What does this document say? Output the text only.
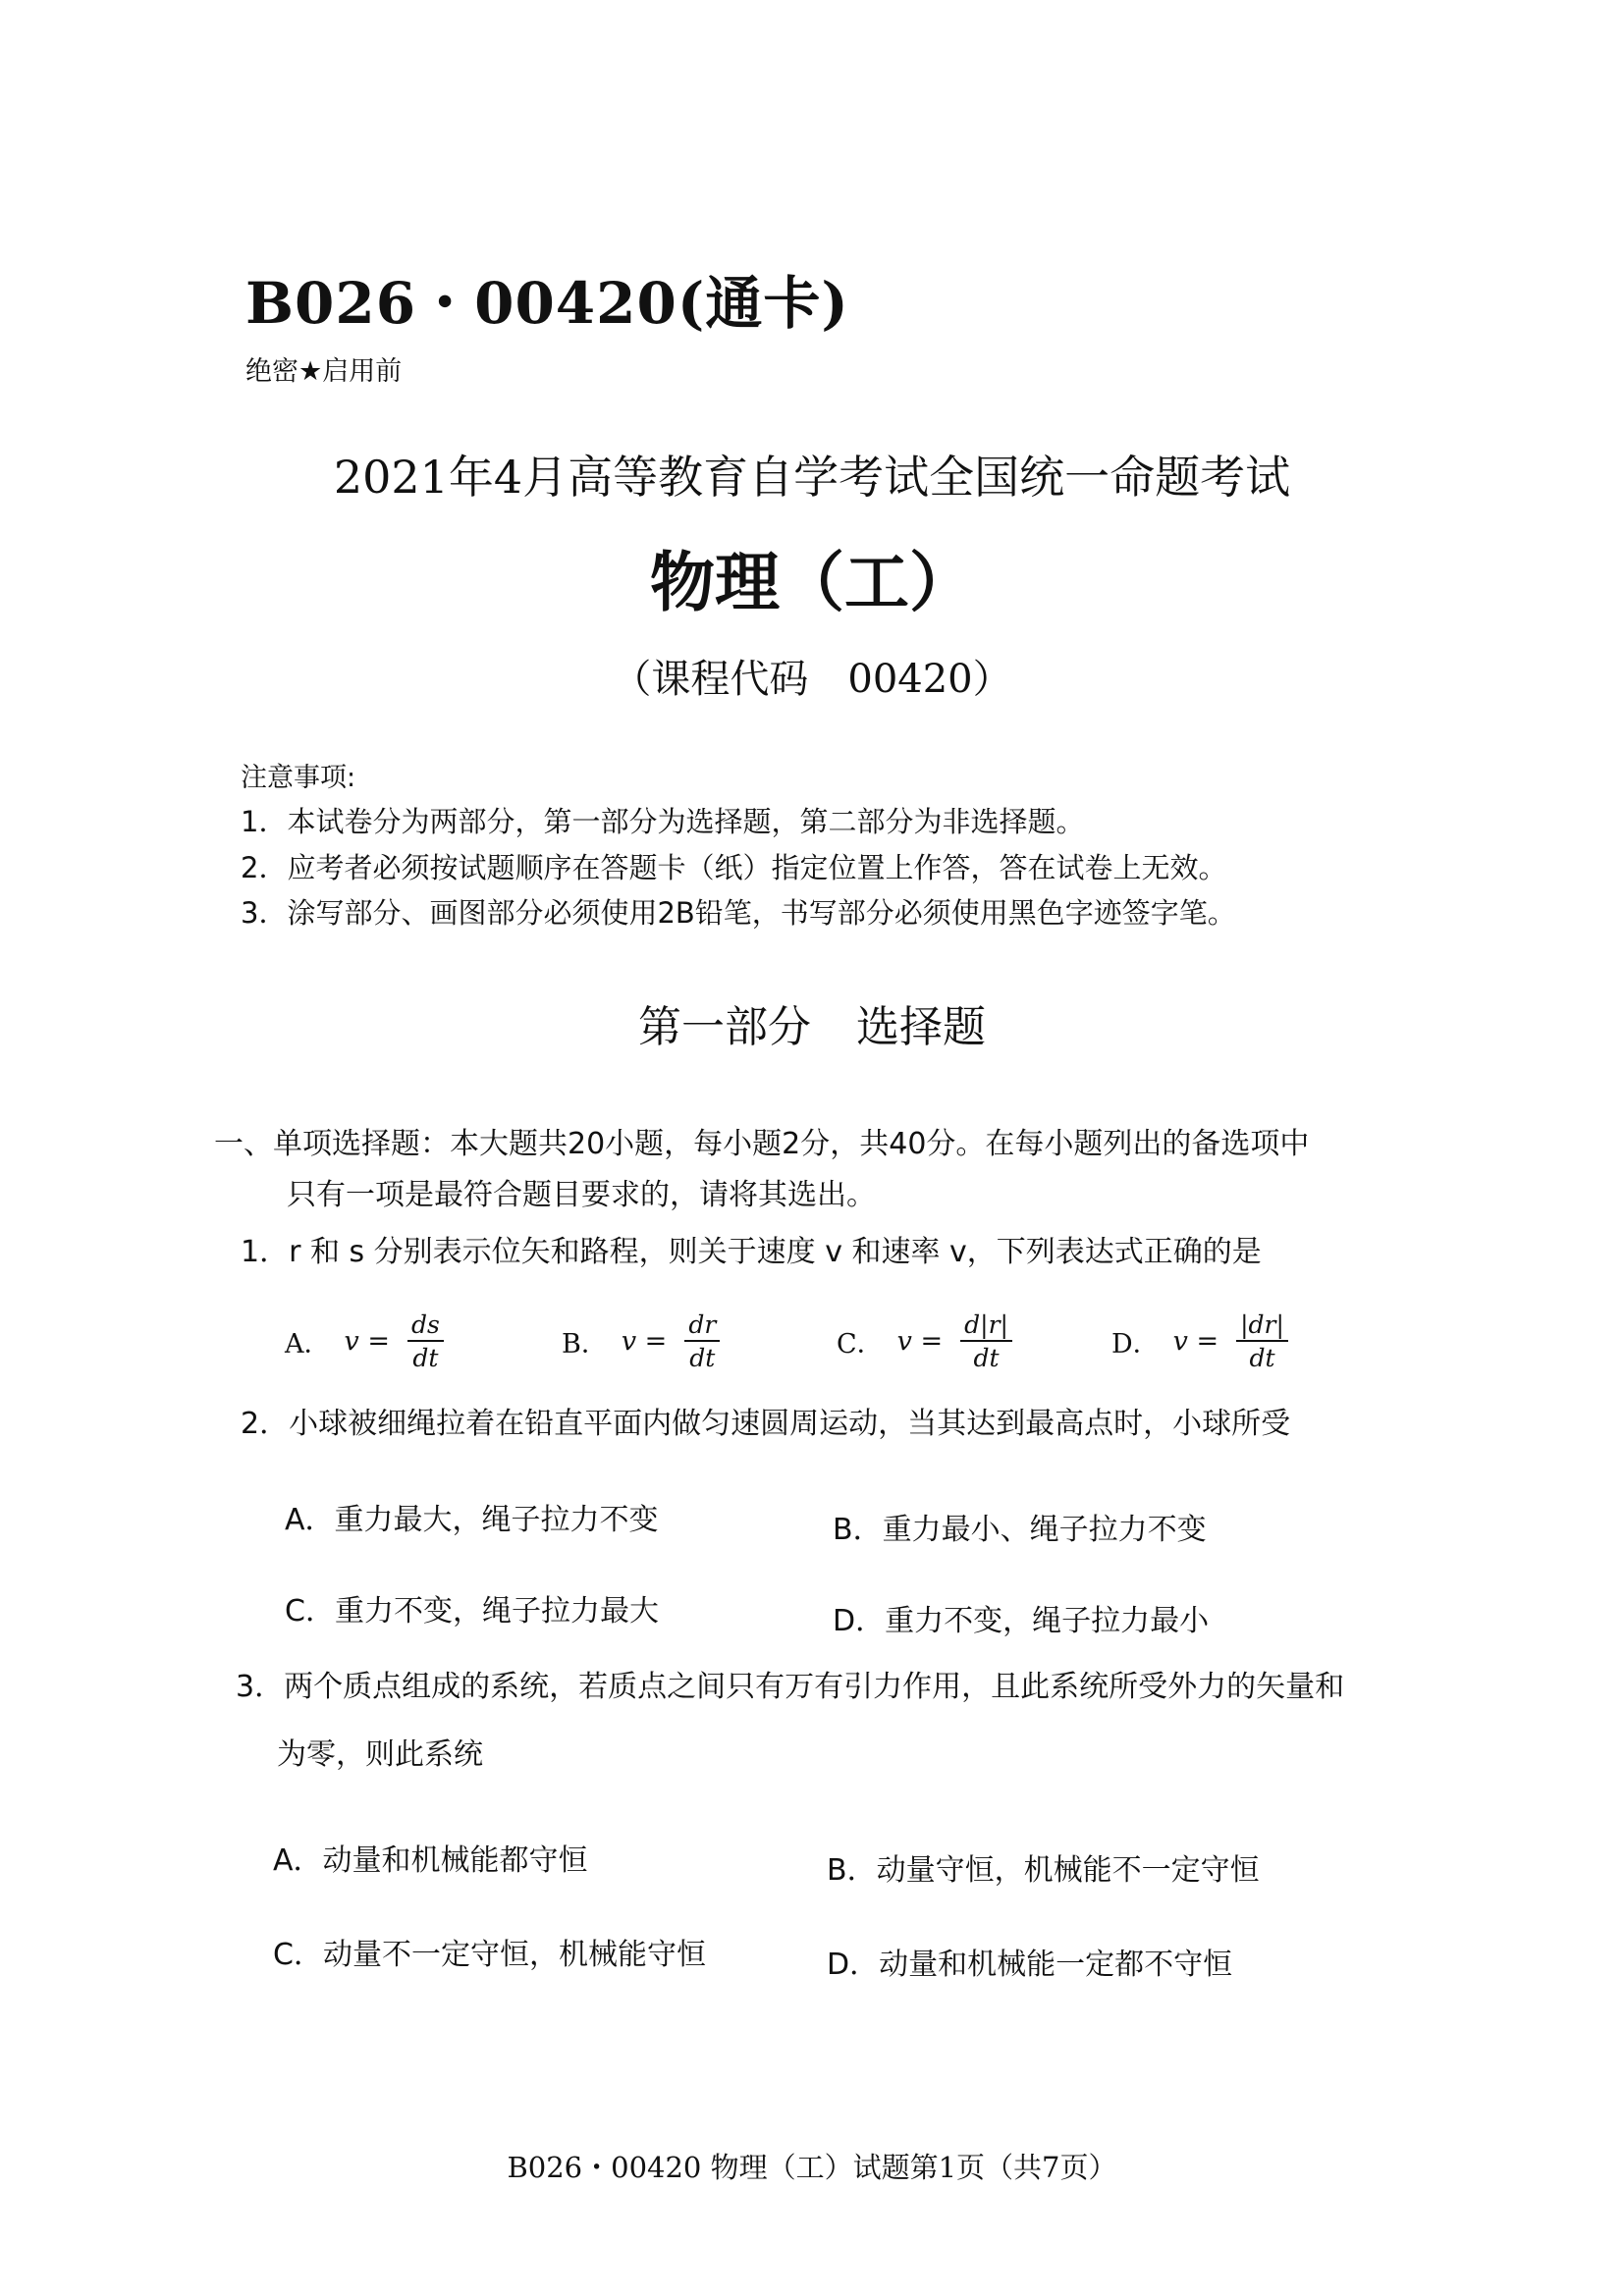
B026・00420(通卡)
绝密★启用前
2021年4月高等教育自学考试全国统一命题考试
物理（工）
（课程代码　00420）
注意事项:
1．本试卷分为两部分，第一部分为选择题，第二部分为非选择题。
2．应考者必须按试题顺序在答题卡（纸）指定位置上作答，答在试卷上无效。
3．涂写部分、画图部分必须使用2B铅笔，书写部分必须使用黑色字迹签字笔。
第一部分 选择题
一、单项选择题：本大题共20小题，每小题2分，共40分。在每小题列出的备选项中
只有一项是最符合题目要求的，请将其选出。
1．r 和 s 分别表示位矢和路程，则关于速度 v 和速率 v，下列表达式正确的是
A． $v = \frac{ds}{dt}$	B． $v = \frac{dr}{dt}$	C． $v = \frac{d|r|}{dt}$	D． $v = \frac{|dr|}{dt}$
2．小球被细绳拉着在铅直平面内做匀速圆周运动，当其达到最高点时，小球所受
A．重力最大，绳子拉力不变	B．重力最小、绳子拉力不变
C．重力不变，绳子拉力最大	D．重力不变，绳子拉力最小
3．两个质点组成的系统，若质点之间只有万有引力作用，且此系统所受外力的矢量和
为零，则此系统
A．动量和机械能都守恒	B．动量守恒，机械能不一定守恒
C．动量不一定守恒，机械能守恒	D．动量和机械能一定都不守恒
B026・00420 物理（工）试题第1页（共7页）
